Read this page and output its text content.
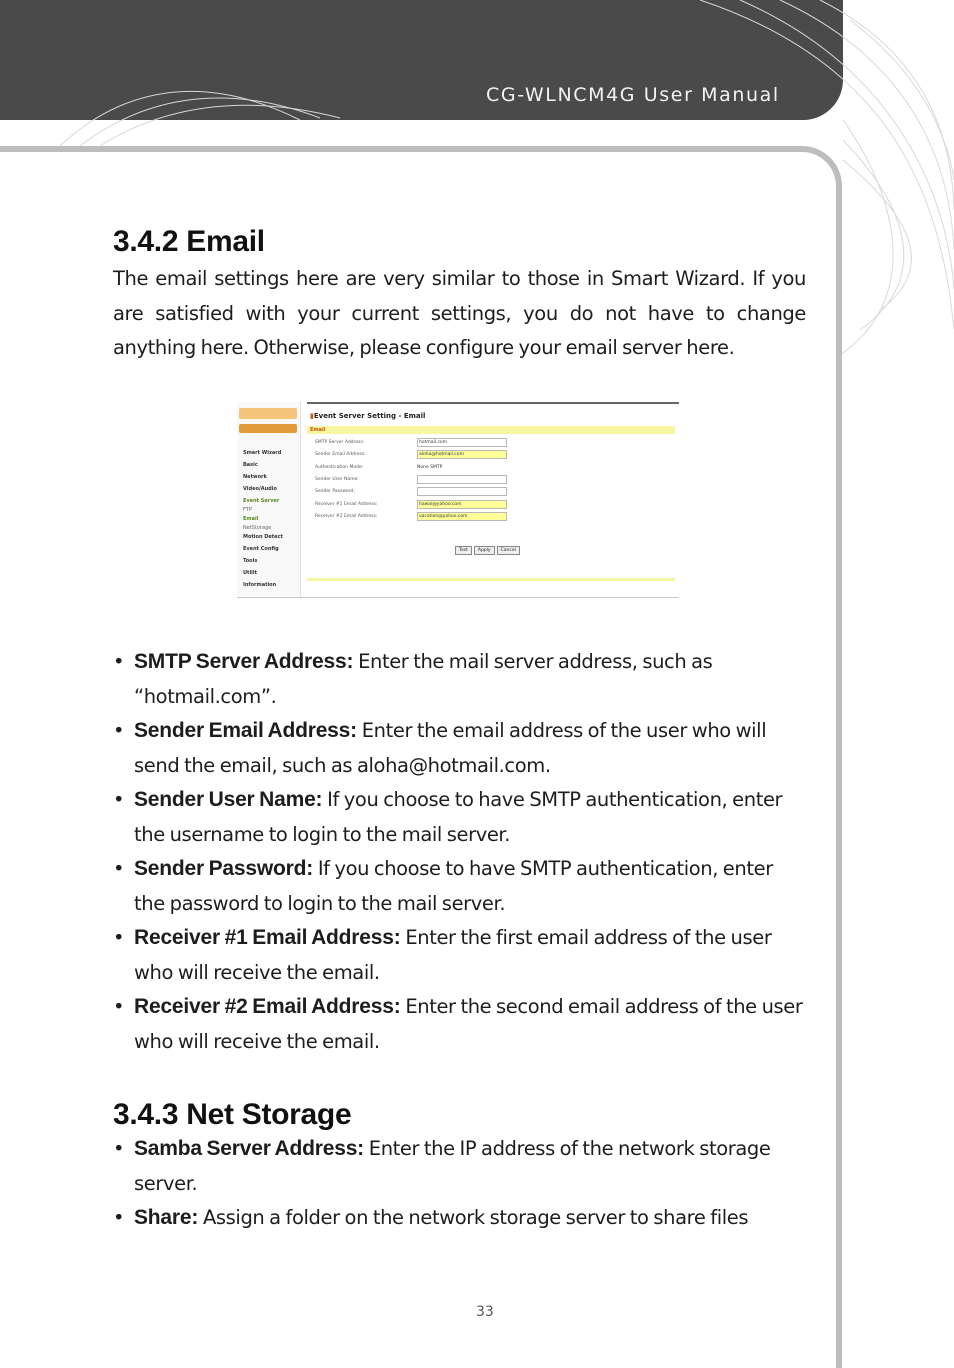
CG-WLNCM4G User Manual
3.4.2 Email

The email settings here are very similar to those in Smart Wizard. If you are satisfied with your current settings, you do not have to change anything here. Otherwise, please configure your email server here.

Smart Wizard
Basic
Network
Video/Audio
Event Server
FTP
Email
NetStorage
Motion Detect
Event Config
Tools
Utilit
Information
▮Event Server Setting - Email
Email
SMTP Server Address:	hotmail.com
Sender Email Address:	aloha@hotmail.com
Authentication Mode:	None SMTP
Sender User Name:
Sender Password:
Receiver #1 Email Address:	hawai@yahoo.com
Receiver #2 Email Address:	vacation@yahoo.com
Test Apply Cancel
• SMTP Server Address: Enter the mail server address, such as “hotmail.com”.
• Sender Email Address: Enter the email address of the user who will send the email, such as aloha@hotmail.com.
• Sender User Name: If you choose to have SMTP authentication, enter the username to login to the mail server.
• Sender Password: If you choose to have SMTP authentication, enter the password to login to the mail server.
• Receiver #1 Email Address: Enter the first email address of the user who will receive the email.
• Receiver #2 Email Address: Enter the second email address of the user who will receive the email.
3.4.3 Net Storage
• Samba Server Address: Enter the IP address of the network storage server.
• Share: Assign a folder on the network storage server to share files
33
